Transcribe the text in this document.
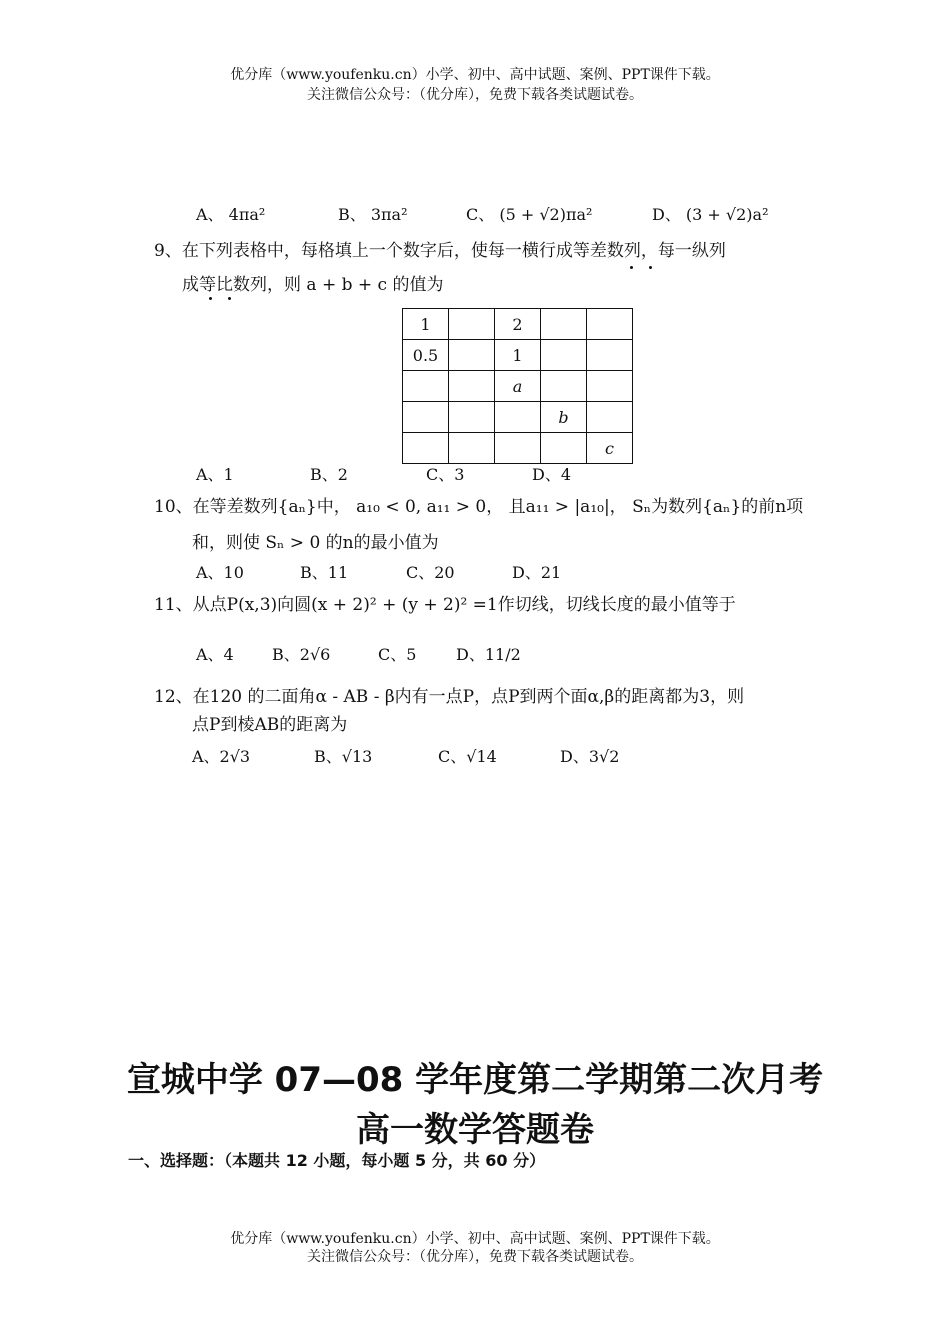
优分库（www.youfenku.cn）小学、初中、高中试题、案例、PPT课件下载。
关注微信公众号：（优分库），免费下载各类试题试卷。
A、 4πa²	B、 3πa²	C、 (5 + √2)πa²	D、 (3 + √2)a²
9、在下列表格中，每格填上一个数字后，使每一横行成等差数列，每一纵列
成等比数列，则 a + b + c 的值为
1		2		
0.5		1		
		a		
			b	
				c
A、1	B、2	C、3	D、4
10、在等差数列{aₙ}中， a₁₀ < 0, a₁₁ > 0， 且a₁₁ > |a₁₀|， Sₙ为数列{aₙ}的前n项
和，则使 Sₙ > 0 的n的最小值为
A、10	B、11	C、20	D、21
11、从点P(x,3)向圆(x + 2)² + (y + 2)² =1作切线，切线长度的最小值等于
A、4 B、2√6	C、5 D、11/2
12、在120 的二面角α - AB - β内有一点P，点P到两个面α,β的距离都为3，则
点P到棱AB的距离为
A、2√3	B、√13	C、√14	D、3√2
宣城中学 07—08 学年度第二学期第二次月考
高一数学答题卷
一、选择题：（本题共 12 小题，每小题 5 分，共 60 分）
优分库（www.youfenku.cn）小学、初中、高中试题、案例、PPT课件下载。
关注微信公众号：（优分库），免费下载各类试题试卷。
